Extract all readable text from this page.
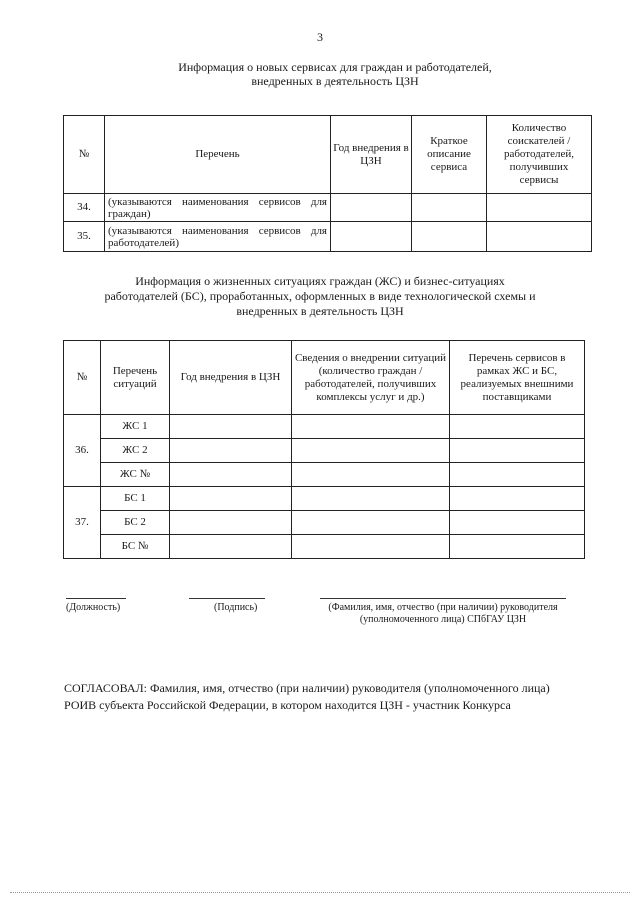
3
Информация о новых сервисах для граждан и работодателей,
внедренных в деятельность ЦЗН
№	Перечень	Год внедрения в ЦЗН	Краткое описание сервиса	Количество соискателей / работодателей, получивших сервисы
34.	(указываются наименования сервисов для граждан)			
35.	(указываются наименования сервисов для работодателей)			
Информация о жизненных ситуациях граждан (ЖС) и бизнес-ситуациях
работодателей (БС), проработанных, оформленных в виде технологической схемы и
внедренных в деятельность ЦЗН
№	Перечень ситуаций	Год внедрения в ЦЗН	Сведения о внедрении ситуаций (количество граждан / работодателей, получивших комплексы услуг и др.)	Перечень сервисов в рамках ЖС и БС, реализуемых внешними поставщиками
36.	ЖС 1			
	ЖС 2			
	ЖС №			
37.	БС 1			
	БС 2			
	БС №			
(Должность)	(Подпись)	(Фамилия, имя, отчество (при наличии) руководителя
(уполномоченного лица) СПбГАУ ЦЗН
СОГЛАСОВАЛ: Фамилия, имя, отчество (при наличии) руководителя (уполномоченного лица)
РОИВ субъекта Российской Федерации, в котором находится ЦЗН - участник Конкурса
